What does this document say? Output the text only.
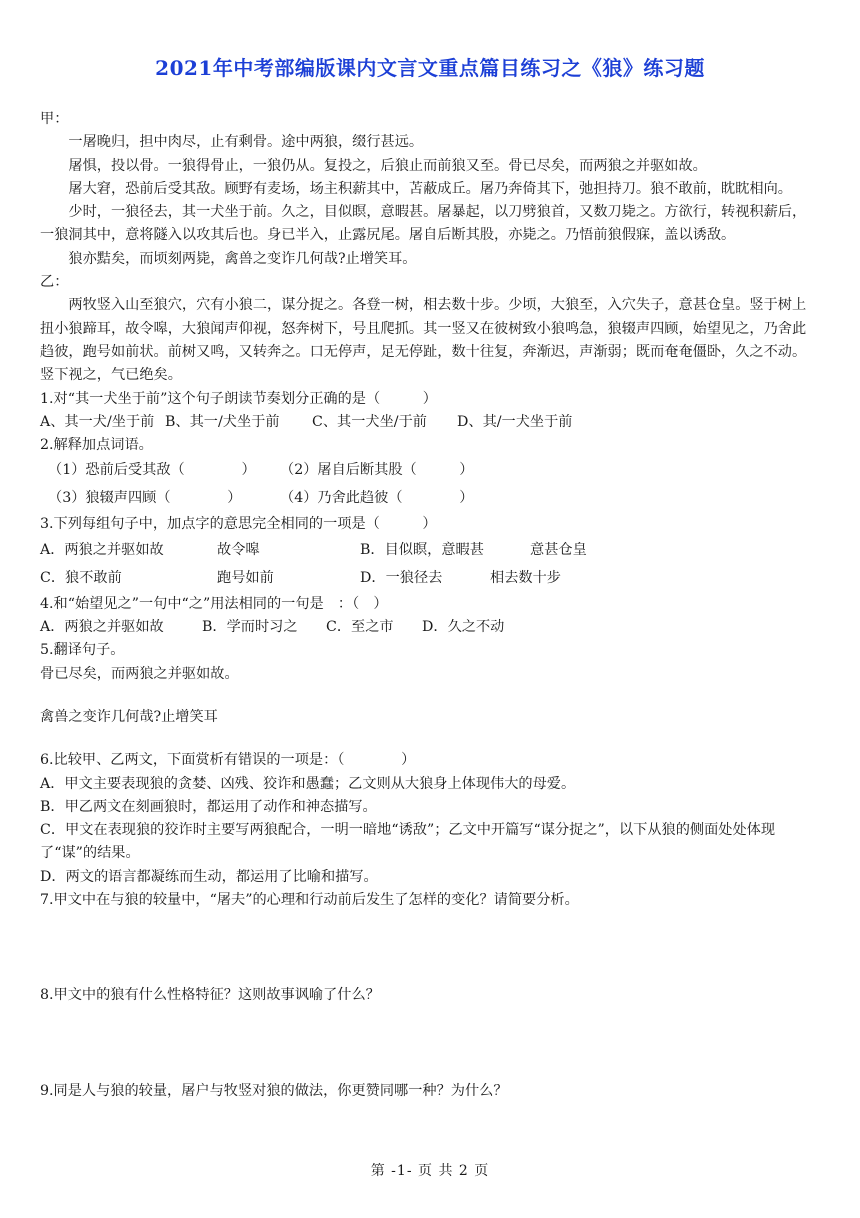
2021年中考部编版课内文言文重点篇目练习之《狼》练习题

甲：

一屠晚归，担中肉尽，止有剩骨。途中两狼，缀行甚远。

屠惧，投以骨。一狼得骨止，一狼仍从。复投之，后狼止而前狼又至。骨已尽矣，而两狼之并驱如故。

屠大窘，恐前后受其敌。顾野有麦场，场主积薪其中，苫蔽成丘。屠乃奔倚其下，弛担持刀。狼不敢前，眈眈相向。

少时，一狼径去，其一犬坐于前。久之，目似瞑，意暇甚。屠暴起，以刀劈狼首，又数刀毙之。方欲行，转视积薪后，一狼洞其中，意将隧入以攻其后也。身已半入，止露尻尾。屠自后断其股，亦毙之。乃悟前狼假寐，盖以诱敌。

狼亦黠矣，而顷刻两毙，禽兽之变诈几何哉?止增笑耳。

乙：

两牧竖入山至狼穴，穴有小狼二，谋分捉之。各登一树，相去数十步。少顷，大狼至，入穴失子，意甚仓皇。竖于树上扭小狼蹄耳，故令嗥，大狼闻声仰视，怒奔树下，号且爬抓。其一竖又在彼树致小狼鸣急，狼辍声四顾，始望见之，乃舍此趋彼，跑号如前状。前树又鸣，又转奔之。口无停声，足无停趾，数十往复，奔渐迟，声渐弱；既而奄奄僵卧，久之不动。竖下视之，气已绝矣。

1.对“其一犬坐于前”这个句子朗读节奏划分正确的是（　　　）

A、其一犬/坐于前 B、其一/犬坐于前	C、其一犬坐/于前	D、其/一犬坐于前

2.解释加点词语。

（1）恐前后受其敌（　　　　）	（2）屠自后断其股（　　　）
（3）狼辍声四顾（　　　　）	（4）乃舍此趋彼（　　　　）

3.下列每组句子中，加点字的意思完全相同的一项是（　　　）

A．两狼之并驱如故	故令嗥	B．目似瞑，意暇甚	意甚仓皇
C．狼不敢前	跑号如前	D．一狼径去	相去数十步

4.和“始望见之”一句中“之”用法相同的一句是　：（　）

A．两狼之并驱如故	B．学而时习之	C．至之市	D．久之不动

5.翻译句子。

骨已尽矣，而两狼之并驱如故。

禽兽之变诈几何哉?止增笑耳

6.比较甲、乙两文，下面赏析有错误的一项是：（　　　　）

A．甲文主要表现狼的贪婪、凶残、狡诈和愚蠢；乙文则从大狼身上体现伟大的母爱。

B．甲乙两文在刻画狼时，都运用了动作和神态描写。

C．甲文在表现狼的狡诈时主要写两狼配合，一明一暗地“诱敌”；乙文中开篇写“谋分捉之”，以下从狼的侧面处处体现了“谋”的结果。

D．两文的语言都凝练而生动，都运用了比喻和描写。

7.甲文中在与狼的较量中，“屠夫”的心理和行动前后发生了怎样的变化？请简要分析。

8.甲文中的狼有什么性格特征？这则故事讽喻了什么？

9.同是人与狼的较量，屠户与牧竖对狼的做法，你更赞同哪一种？为什么？

第 -1- 页 共 2 页
